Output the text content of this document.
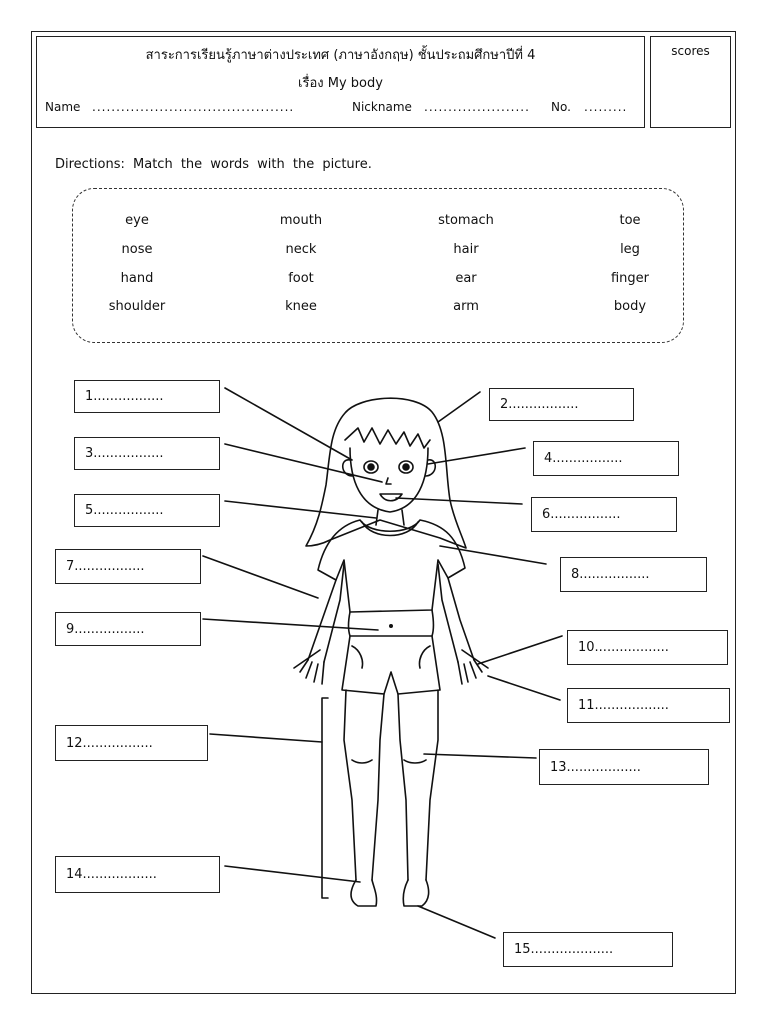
scores
สาระการเรียนรู้ภาษาต่างประเทศ (ภาษาอังกฤษ) ชั้นประถมศึกษาปีที่ 4
เรื่อง My body
Name ..........................................	Nickname ...................... No. .........
Directions: Match the words with the picture.
eye	mouth	stomach	toe
nose	neck	hair	leg
hand	foot	ear	finger
shoulder	knee	arm	body
1.................
2.................
3.................	4.................
5.................	6.................
7.................
8.................
9.................
10..................
11..................
12.................
13..................
14..................
15....................
